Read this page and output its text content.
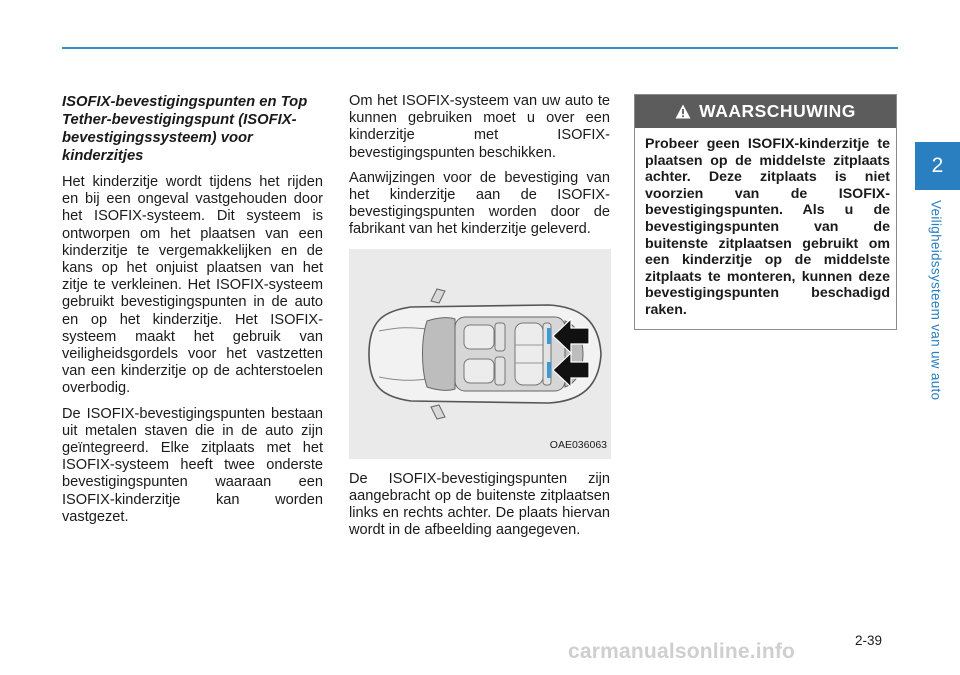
ISOFIX-bevestigingspunten en Top Tether-bevestigingspunt (ISOFIX-bevestigingssysteem) voor kinderzitjes

Het kinderzitje wordt tijdens het rijden en bij een ongeval vastgehouden door het ISOFIX-systeem. Dit systeem is ontworpen om het plaatsen van een kinderzitje te vergemakkelijken en de kans op het onjuist plaatsen van het zitje te verkleinen. Het ISOFIX-systeem gebruikt bevestigingspunten in de auto en op het kinderzitje. Het ISOFIX-systeem maakt het gebruik van veiligheidsgordels voor het vastzetten van een kinderzitje op de achterstoelen overbodig.

De ISOFIX-bevestigingspunten bestaan uit metalen staven die in de auto zijn geïntegreerd. Elke zitplaats met het ISOFIX-systeem heeft twee onderste bevestigingspunten waaraan een ISOFIX-kinderzitje kan worden vastgezet.

Om het ISOFIX-systeem van uw auto te kunnen gebruiken moet u over een kinderzitje met ISOFIX-bevestigingspunten beschikken.

Aanwijzingen voor de bevestiging van het kinderzitje aan de ISOFIX-bevestigingspunten worden door de fabrikant van het kinderzitje geleverd.

OAE036063

De ISOFIX-bevestigingspunten zijn aangebracht op de buitenste zitplaatsen links en rechts achter. De plaats hiervan wordt in de afbeelding aangegeven.

WAARSCHUWING
Probeer geen ISOFIX-kinderzitje te plaatsen op de middelste zitplaats achter. Deze zitplaats is niet voorzien van de ISOFIX-bevestigingspunten. Als u de bevestigingspunten van de buitenste zitplaatsen gebruikt om een kinderzitje op de middelste zitplaats te monteren, kunnen deze bevestigingspunten beschadigd raken.
2
Veiligheidssysteem van uw auto
2-39
carmanualsonline.info
